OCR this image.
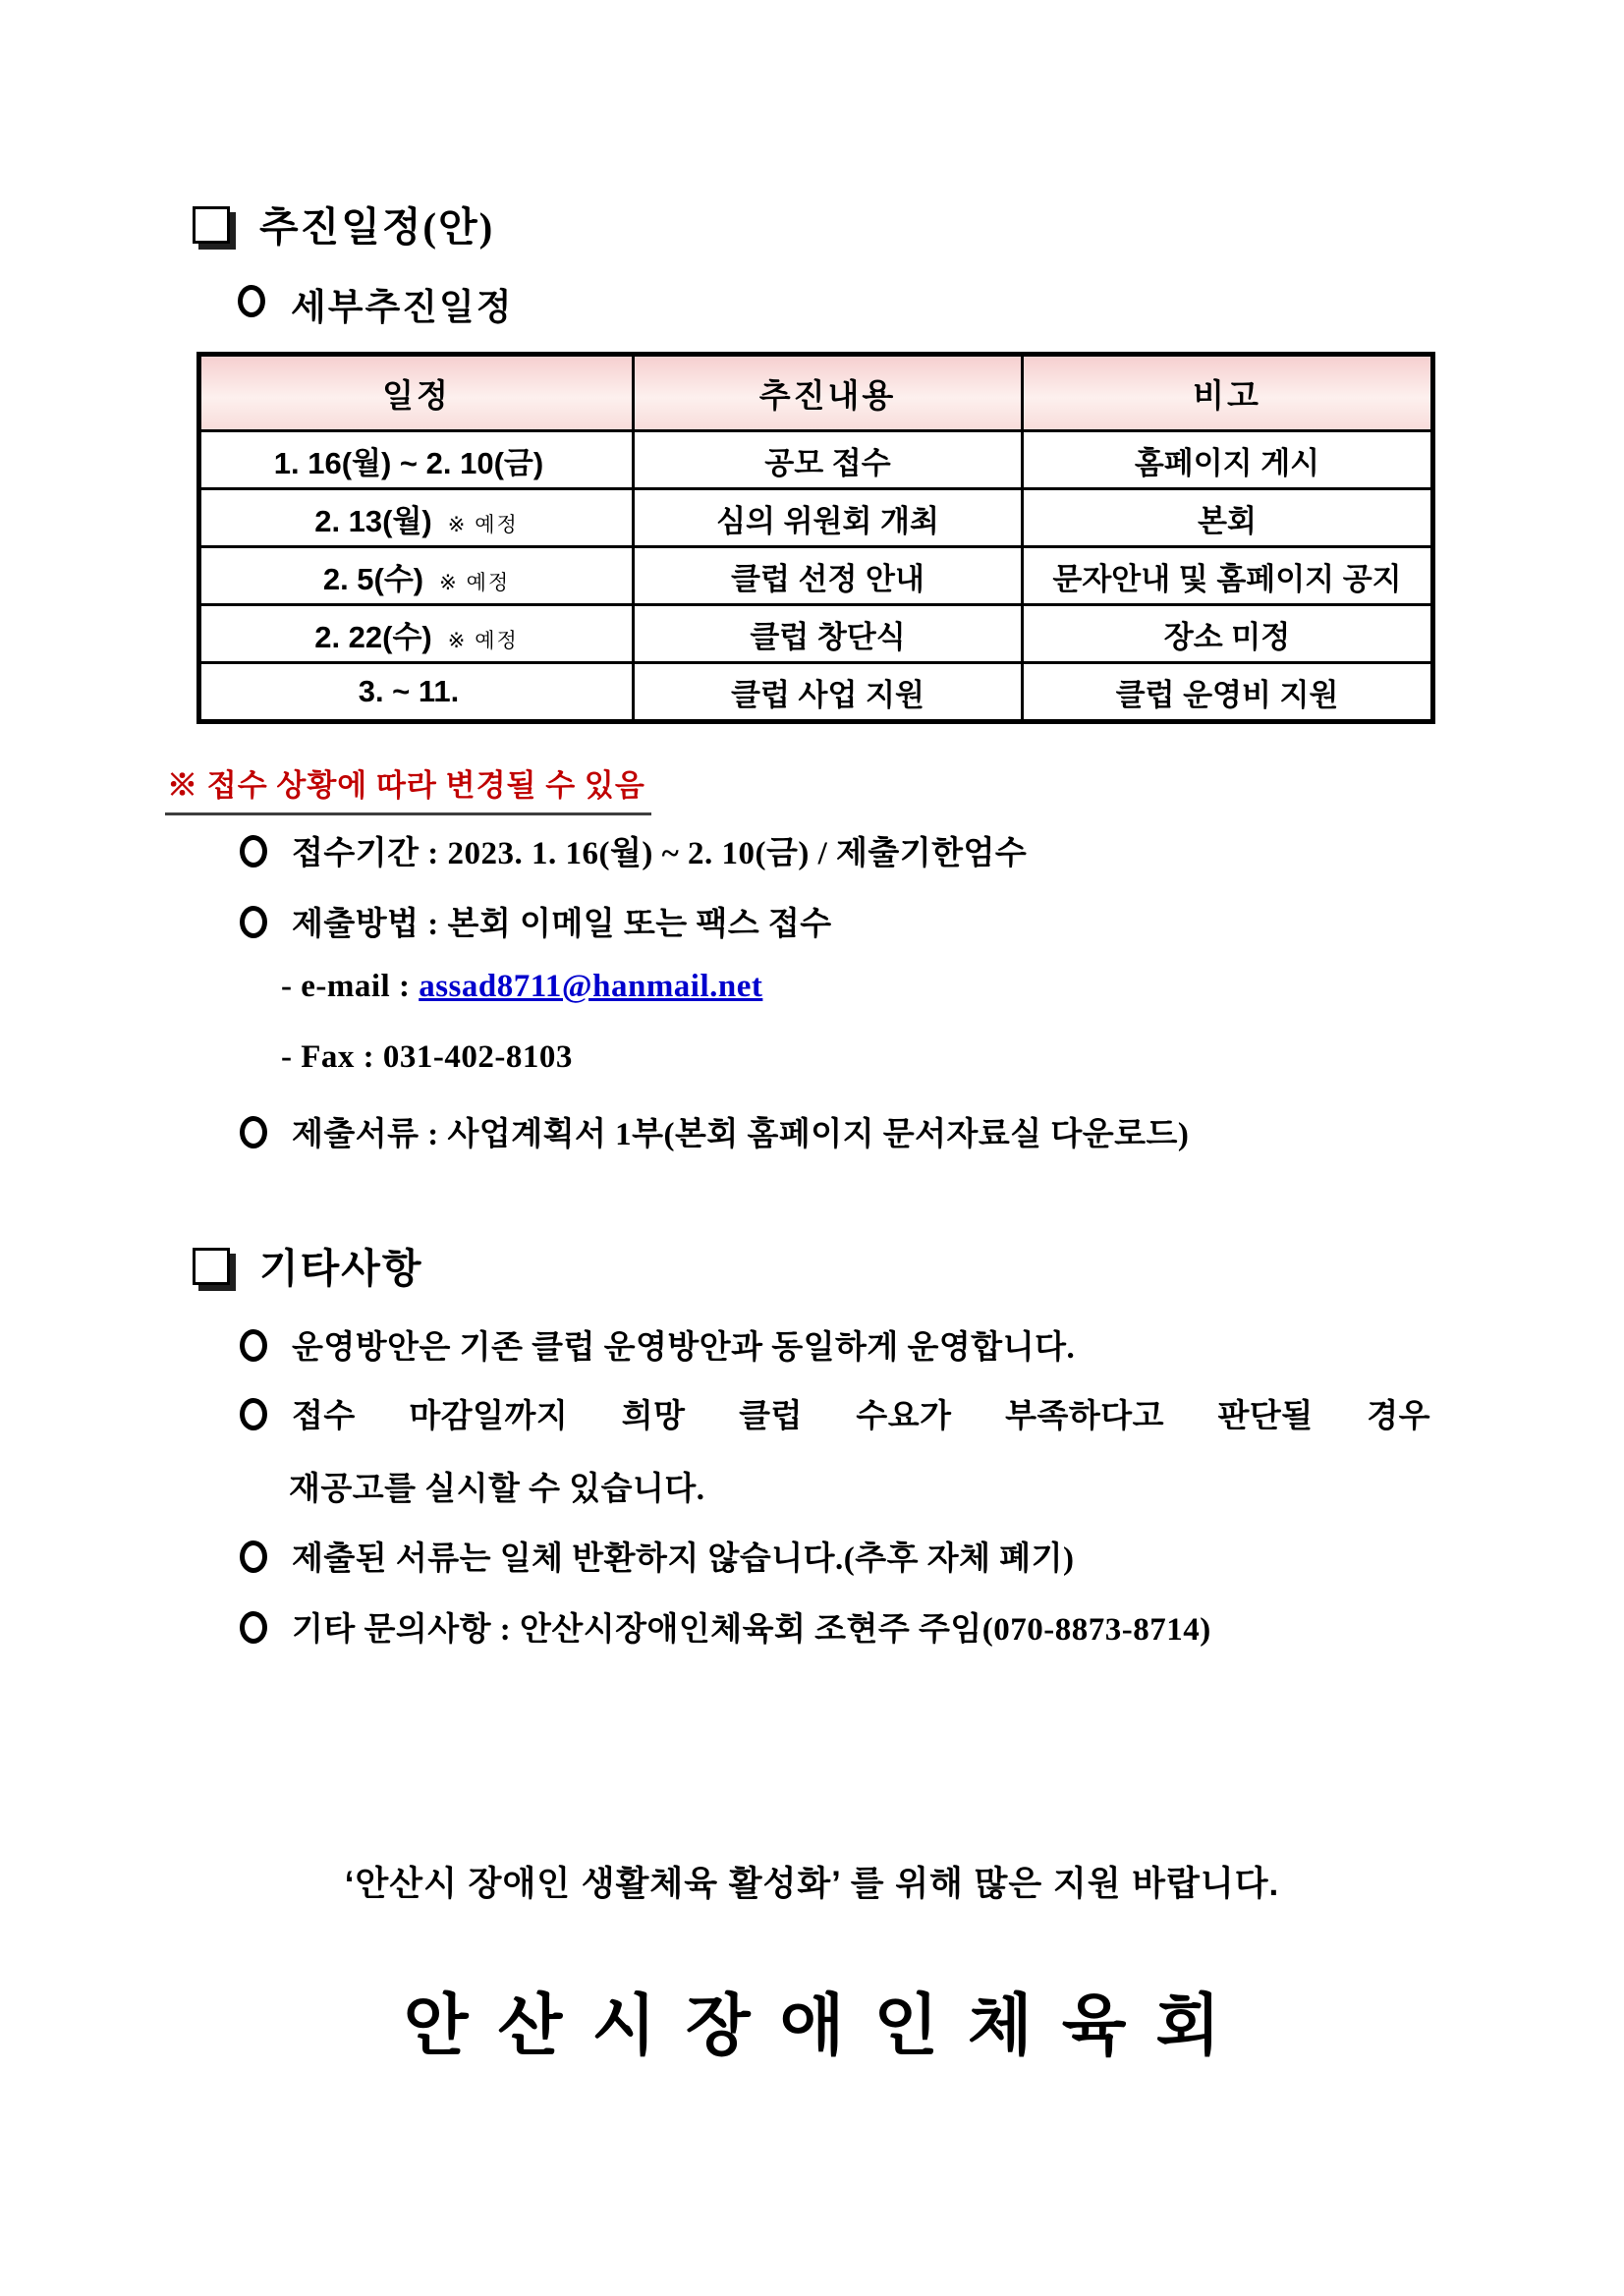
추진일정(안)
세부추진일정
일정	추진내용	비고
1. 16(월) ~ 2. 10(금)	공모 접수	홈페이지 게시
2. 13(월) ※ 예정	심의 위원회 개최	본회
2. 5(수) ※ 예정	클럽 선정 안내	문자안내 및 홈페이지 공지
2. 22(수) ※ 예정	클럽 창단식	장소 미정
3. ~ 11.	클럽 사업 지원	클럽 운영비 지원
※ 접수 상황에 따라 변경될 수 있음
접수기간 : 2023. 1. 16(월) ~ 2. 10(금) / 제출기한엄수
제출방법 : 본회 이메일 또는 팩스 접수
- e-mail : assad8711@hanmail.net
- Fax : 031-402-8103
제출서류 : 사업계획서 1부(본회 홈페이지 문서자료실 다운로드)
기타사항
운영방안은 기존 클럽 운영방안과 동일하게 운영합니다.
접수 마감일까지 희망 클럽 수요가 부족하다고 판단될 경우
재공고를 실시할 수 있습니다.
제출된 서류는 일체 반환하지 않습니다.(추후 자체 폐기)
기타 문의사항 : 안산시장애인체육회 조현주 주임(070-8873-8714)
‘안산시 장애인 생활체육 활성화’ 를 위해 많은 지원 바랍니다.
안산시장애인체육회
